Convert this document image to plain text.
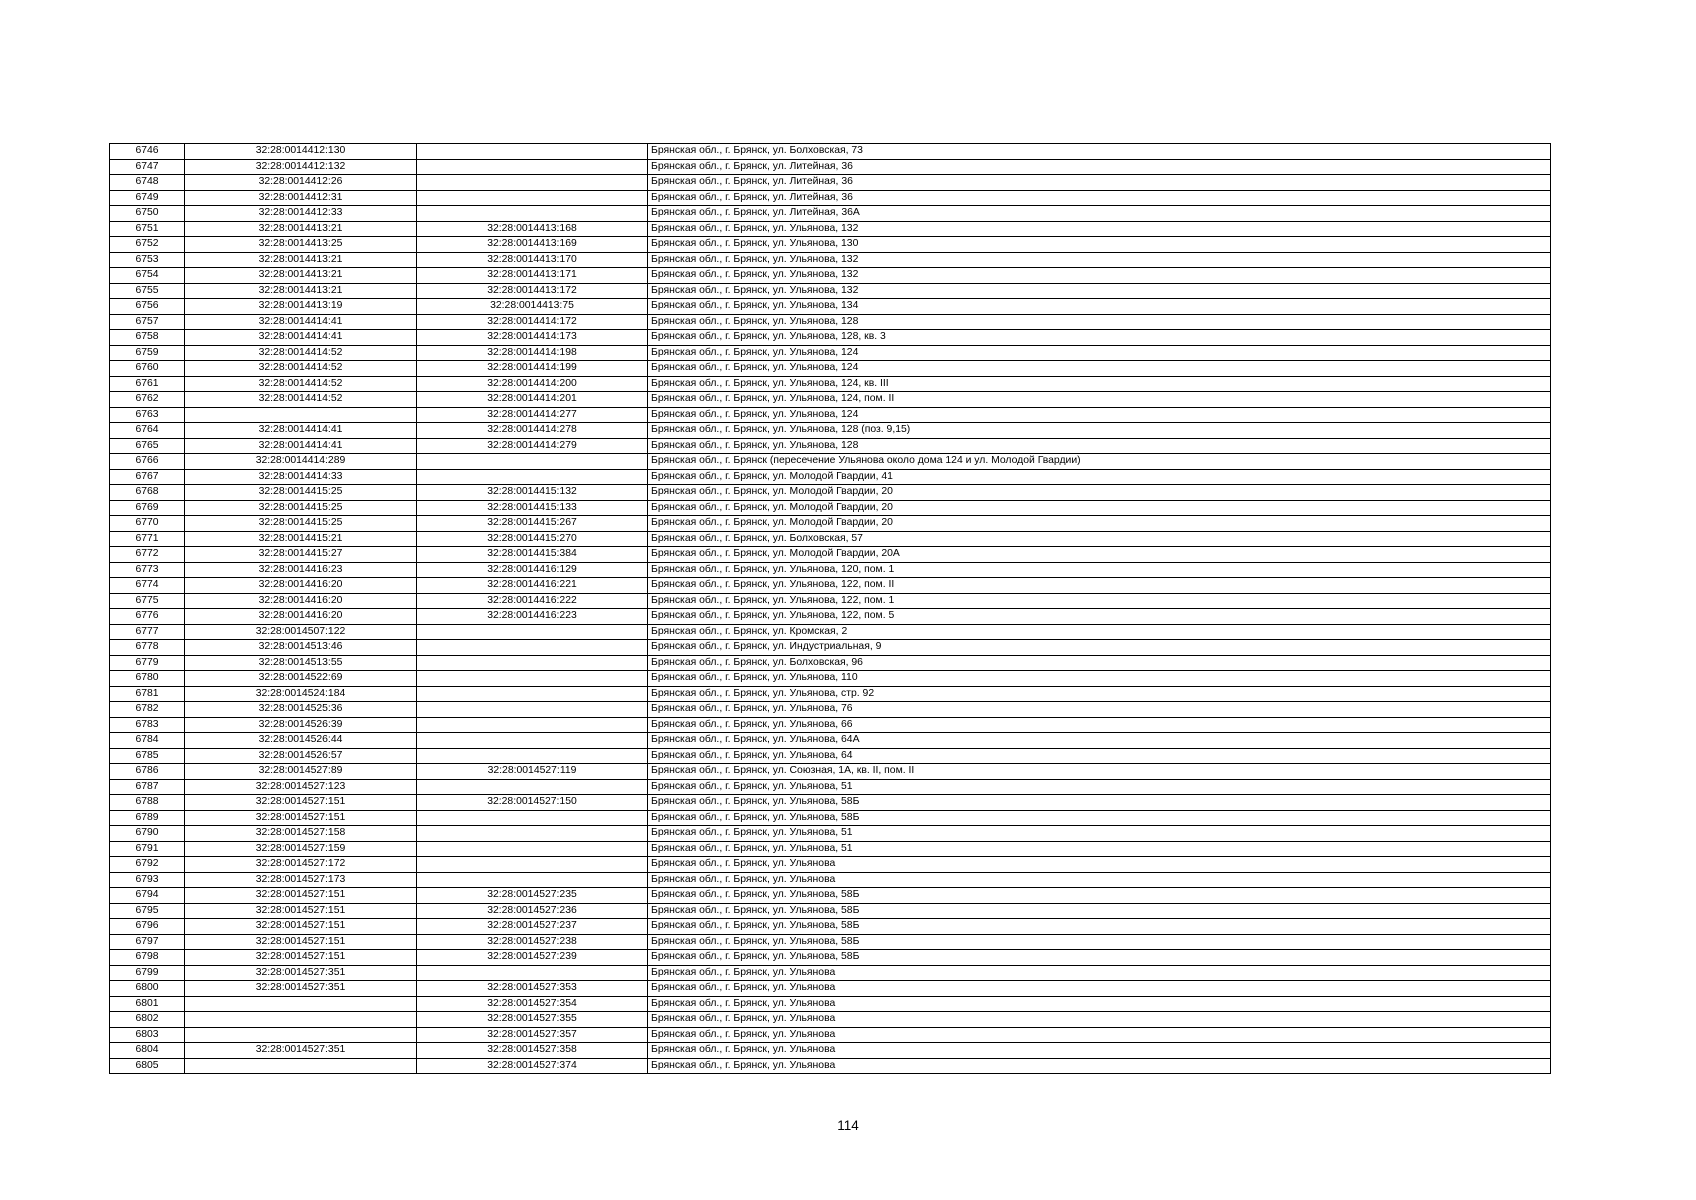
6746	32:28:0014412:130		Брянская обл., г. Брянск, ул. Болховская, 73
6747	32:28:0014412:132		Брянская обл., г. Брянск, ул. Литейная, 36
6748	32:28:0014412:26		Брянская обл., г. Брянск, ул. Литейная, 36
6749	32:28:0014412:31		Брянская обл., г. Брянск, ул. Литейная, 36
6750	32:28:0014412:33		Брянская обл., г. Брянск, ул. Литейная, 36А
6751	32:28:0014413:21	32:28:0014413:168	Брянская обл., г. Брянск, ул. Ульянова, 132
6752	32:28:0014413:25	32:28:0014413:169	Брянская обл., г. Брянск, ул. Ульянова, 130
6753	32:28:0014413:21	32:28:0014413:170	Брянская обл., г. Брянск, ул. Ульянова, 132
6754	32:28:0014413:21	32:28:0014413:171	Брянская обл., г. Брянск, ул. Ульянова, 132
6755	32:28:0014413:21	32:28:0014413:172	Брянская обл., г. Брянск, ул. Ульянова, 132
6756	32:28:0014413:19	32:28:0014413:75	Брянская обл., г. Брянск, ул. Ульянова, 134
6757	32:28:0014414:41	32:28:0014414:172	Брянская обл., г. Брянск, ул. Ульянова, 128
6758	32:28:0014414:41	32:28:0014414:173	Брянская обл., г. Брянск, ул. Ульянова, 128, кв. 3
6759	32:28:0014414:52	32:28:0014414:198	Брянская обл., г. Брянск, ул. Ульянова, 124
6760	32:28:0014414:52	32:28:0014414:199	Брянская обл., г. Брянск, ул. Ульянова, 124
6761	32:28:0014414:52	32:28:0014414:200	Брянская обл., г. Брянск, ул. Ульянова, 124, кв. III
6762	32:28:0014414:52	32:28:0014414:201	Брянская обл., г. Брянск, ул. Ульянова, 124, пом. II
6763		32:28:0014414:277	Брянская обл., г. Брянск, ул. Ульянова, 124
6764	32:28:0014414:41	32:28:0014414:278	Брянская обл., г. Брянск, ул. Ульянова, 128 (поз. 9,15)
6765	32:28:0014414:41	32:28:0014414:279	Брянская обл., г. Брянск, ул. Ульянова, 128
6766	32:28:0014414:289		Брянская обл., г. Брянск (пересечение Ульянова около дома 124 и ул. Молодой Гвардии)
6767	32:28:0014414:33		Брянская обл., г. Брянск, ул. Молодой Гвардии, 41
6768	32:28:0014415:25	32:28:0014415:132	Брянская обл., г. Брянск, ул. Молодой Гвардии, 20
6769	32:28:0014415:25	32:28:0014415:133	Брянская обл., г. Брянск, ул. Молодой Гвардии, 20
6770	32:28:0014415:25	32:28:0014415:267	Брянская обл., г. Брянск, ул. Молодой Гвардии, 20
6771	32:28:0014415:21	32:28:0014415:270	Брянская обл., г. Брянск, ул. Болховская, 57
6772	32:28:0014415:27	32:28:0014415:384	Брянская обл., г. Брянск, ул. Молодой Гвардии, 20А
6773	32:28:0014416:23	32:28:0014416:129	Брянская обл., г. Брянск, ул. Ульянова, 120, пом. 1
6774	32:28:0014416:20	32:28:0014416:221	Брянская обл., г. Брянск, ул. Ульянова, 122, пом. II
6775	32:28:0014416:20	32:28:0014416:222	Брянская обл., г. Брянск, ул. Ульянова, 122, пом. 1
6776	32:28:0014416:20	32:28:0014416:223	Брянская обл., г. Брянск, ул. Ульянова, 122, пом. 5
6777	32:28:0014507:122		Брянская обл., г. Брянск, ул. Кромская, 2
6778	32:28:0014513:46		Брянская обл., г. Брянск, ул. Индустриальная, 9
6779	32:28:0014513:55		Брянская обл., г. Брянск, ул. Болховская, 96
6780	32:28:0014522:69		Брянская обл., г. Брянск, ул. Ульянова, 110
6781	32:28:0014524:184		Брянская обл., г. Брянск, ул. Ульянова, стр. 92
6782	32:28:0014525:36		Брянская обл., г. Брянск, ул. Ульянова, 76
6783	32:28:0014526:39		Брянская обл., г. Брянск, ул. Ульянова, 66
6784	32:28:0014526:44		Брянская обл., г. Брянск, ул. Ульянова, 64А
6785	32:28:0014526:57		Брянская обл., г. Брянск, ул. Ульянова, 64
6786	32:28:0014527:89	32:28:0014527:119	Брянская обл., г. Брянск, ул. Союзная, 1А, кв. II, пом. II
6787	32:28:0014527:123		Брянская обл., г. Брянск, ул. Ульянова, 51
6788	32:28:0014527:151	32:28:0014527:150	Брянская обл., г. Брянск, ул. Ульянова, 58Б
6789	32:28:0014527:151		Брянская обл., г. Брянск, ул. Ульянова, 58Б
6790	32:28:0014527:158		Брянская обл., г. Брянск, ул. Ульянова, 51
6791	32:28:0014527:159		Брянская обл., г. Брянск, ул. Ульянова, 51
6792	32:28:0014527:172		Брянская обл., г. Брянск, ул. Ульянова
6793	32:28:0014527:173		Брянская обл., г. Брянск, ул. Ульянова
6794	32:28:0014527:151	32:28:0014527:235	Брянская обл., г. Брянск, ул. Ульянова, 58Б
6795	32:28:0014527:151	32:28:0014527:236	Брянская обл., г. Брянск, ул. Ульянова, 58Б
6796	32:28:0014527:151	32:28:0014527:237	Брянская обл., г. Брянск, ул. Ульянова, 58Б
6797	32:28:0014527:151	32:28:0014527:238	Брянская обл., г. Брянск, ул. Ульянова, 58Б
6798	32:28:0014527:151	32:28:0014527:239	Брянская обл., г. Брянск, ул. Ульянова, 58Б
6799	32:28:0014527:351		Брянская обл., г. Брянск, ул. Ульянова
6800	32:28:0014527:351	32:28:0014527:353	Брянская обл., г. Брянск, ул. Ульянова
6801		32:28:0014527:354	Брянская обл., г. Брянск, ул. Ульянова
6802		32:28:0014527:355	Брянская обл., г. Брянск, ул. Ульянова
6803		32:28:0014527:357	Брянская обл., г. Брянск, ул. Ульянова
6804	32:28:0014527:351	32:28:0014527:358	Брянская обл., г. Брянск, ул. Ульянова
6805		32:28:0014527:374	Брянская обл., г. Брянск, ул. Ульянова
114
